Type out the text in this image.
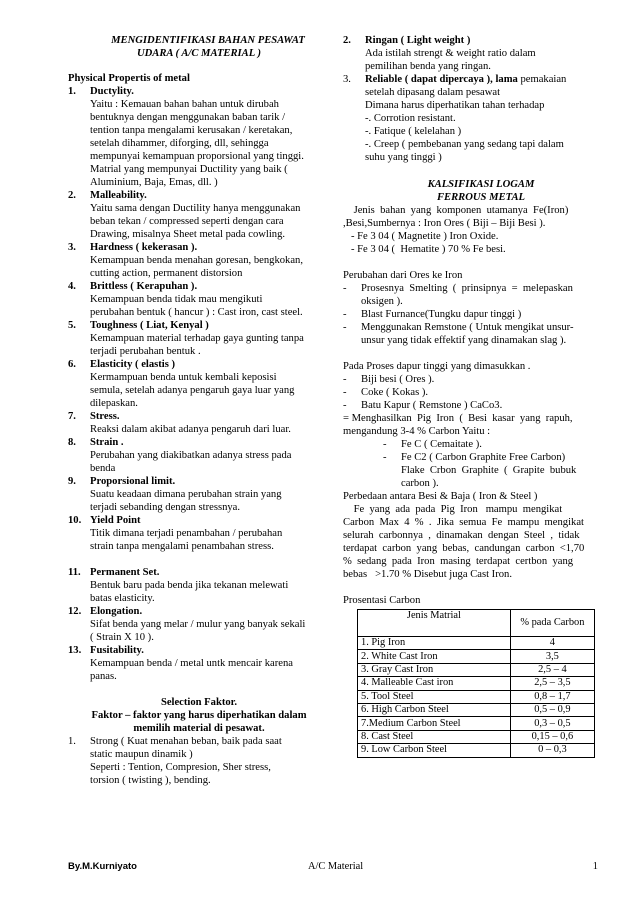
MENGIDENTIFIKASI BAHAN PESAWAT
UDARA ( A/C MATERIAL )
Physical Propertis of metal
1. Ductylity.
Yaitu : Kemauan bahan bahan untuk dirubah
bentuknya dengan menggunakan baban tarik /
tention tanpa mengalami kerusakan / keretakan,
setelah dihammer, diforging, dll, sehingga
mempunyai kemampuan proporsional yang tinggi.
Matrial yang mempunyai Ductility yang baik (
Aluminium, Baja, Emas, dll. )
2. Malleability.
Yaitu sama dengan Ductility hanya menggunakan
beban tekan / compressed seperti dengan cara
Drawing, misalnya Sheet metal pada cowling.
3. Hardness ( kekerasan ).
Kemampuan benda menahan goresan, bengkokan,
cutting action, permanent distorsion
4. Brittless ( Kerapuhan ).
Kemampuan benda tidak mau mengikuti
perubahan bentuk ( hancur ) : Cast iron, cast steel.
5. Toughness ( Liat, Kenyal )
Kemampuan material terhadap gaya gunting tanpa
terjadi perubahan bentuk .
6. Elasticity ( elastis )
Kermampuan benda untuk kembali keposisi
semula, setelah adanya pengaruh gaya luar yang
dilepaskan.
7. Stress.
Reaksi dalam akibat adanya pengaruh dari luar.
8. Strain .
Perubahan yang diakibatkan adanya stress pada
benda
9. Proporsional limit.
Suatu keadaan dimana perubahan strain yang
terjadi sebanding dengan stressnya.
10. Yield Point
Titik dimana terjadi penambahan / perubahan
strain tanpa mengalami penambahan stress.
11. Permanent Set.
Bentuk baru pada benda jika tekanan melewati
batas elasticity.
12. Elongation.
Sifat benda yang melar / mulur yang banyak sekali
( Strain X 10 ).
13. Fusitability.
Kemampuan benda / metal untk mencair karena
panas.
Selection Faktor.
Faktor – faktor yang harus diperhatikan dalam
memilih material di pesawat.
1. Strong ( Kuat menahan beban, baik pada saat
static maupun dinamik )
Seperti : Tention, Compresion, Sher stress,
torsion ( twisting ), bending.
2. Ringan ( Light weight )
Ada istilah strengt & weight ratio dalam
pemilihan benda yang ringan.
3. Reliable ( dapat dipercaya ), lama pemakaian
setelah dipasang dalam pesawat
Dimana harus diperhatikan tahan terhadap
-. Corrotion resistant.
-. Fatique ( kelelahan )
-. Creep ( pembebanan yang sedang tapi dalam
suhu yang tinggi )
KALSIFIKASI LOGAM
FERROUS METAL
Jenis  bahan  yang  komponen  utamanya  Fe(Iron)
,Besi,Sumbernya : Iron Ores ( Biji – Biji Besi ).
- Fe 3 04 ( Magnetite ) Iron Oxide.
- Fe 3 04 (  Hematite ) 70 % Fe besi.
Perubahan dari Ores ke Iron
- Prosesnya  Smelting  (  prinsipnya  =  melepaskan
oksigen ).
- Blast Furnance(Tungku dapur tinggi )
- Menggunakan Remstone ( Untuk mengikat unsur-
unsur yang tidak effektif yang dinamakan slag ).
Pada Proses dapur tinggi yang dimasukkan .
- Biji besi ( Ores ).
- Coke ( Kokas ).
- Batu Kapur ( Remstone ) CaCo3.
= Menghasilkan  Pig  Iron  (  Besi  kasar  yang  rapuh,
mengandung 3-4 % Carbon Yaitu :
- Fe C ( Cemaitate ).
- Fe C2 ( Carbon Graphite Free Carbon)
Flake  Crbon  Graphite  (  Grapite  bubuk
carbon ).
Perbedaan antara Besi & Baja ( Iron & Steel )
Fe  yang  ada  pada  Pig  Iron   mampu  mengikat
Carbon  Max  4  %  .  Jika  semua  Fe  mampu  mengikat
selurah  carbonnya  ,  dinamakan  dengan  Steel  ,  tidak
terdapat  carbon  yang  bebas,  candungan  carbon  <1,70
%  sedang  pada  Iron  masing  terdapat  certbon  yang
bebas   >1.70 % Disebut juga Cast Iron.
Prosentasi Carbon
Jenis Matrial	% pada Carbon
1. Pig Iron	4
2. White Cast Iron	3,5
3. Gray Cast Iron	2,5 – 4
4. Malleable Cast iron	2,5 – 3,5
5. Tool Steel	0,8 – 1,7
6. High Carbon Steel	0,5 – 0,9
7.Medium Carbon Steel	0,3 – 0,5
8. Cast Steel	0,15 – 0,6
9. Low Carbon Steel	0 – 0,3
By.M.Kurniyato	A/C Material	1
